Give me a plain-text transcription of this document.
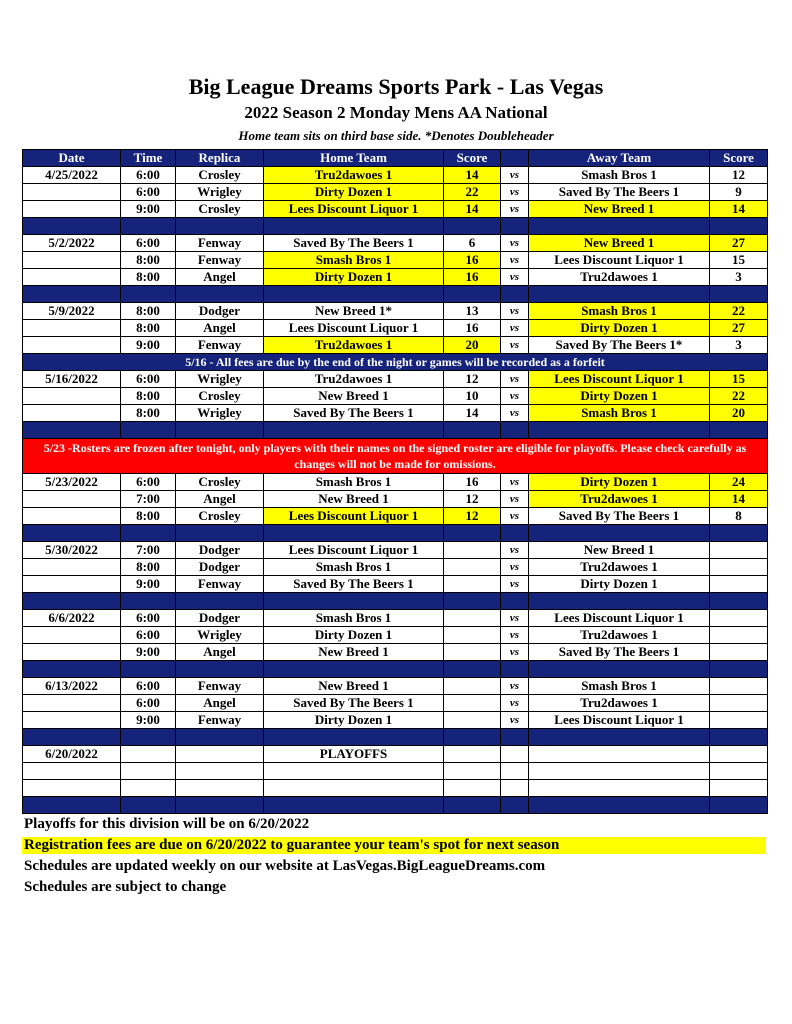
Big League Dreams Sports Park - Las Vegas
2022 Season 2 Monday Mens AA National
Home team sits on third base side. *Denotes Doubleheader
Date	Time	Replica	Home Team	Score		Away Team	Score
4/25/2022	6:00	Crosley	Tru2dawoes 1	14	vs	Smash Bros 1	12
	6:00	Wrigley	Dirty Dozen 1	22	vs	Saved By The Beers 1	9
	9:00	Crosley	Lees Discount Liquor 1	14	vs	New Breed 1	14

5/2/2022	6:00	Fenway	Saved By The Beers 1	6	vs	New Breed 1	27
	8:00	Fenway	Smash Bros 1	16	vs	Lees Discount Liquor 1	15
	8:00	Angel	Dirty Dozen 1	16	vs	Tru2dawoes 1	3

5/9/2022	8:00	Dodger	New Breed 1*	13	vs	Smash Bros 1	22
	8:00	Angel	Lees Discount Liquor 1	16	vs	Dirty Dozen 1	27
	9:00	Fenway	Tru2dawoes 1	20	vs	Saved By The Beers 1*	3
5/16 - All fees are due by the end of the night or games will be recorded as a forfeit							
5/16/2022	6:00	Wrigley	Tru2dawoes 1	12	vs	Lees Discount Liquor 1	15
	8:00	Crosley	New Breed 1	10	vs	Dirty Dozen 1	22
	8:00	Wrigley	Saved By The Beers 1	14	vs	Smash Bros 1	20

5/23 -Rosters are frozen after tonight, only players with their names on the signed roster are eligible for playoffs. Please check carefully as changes will not be made for omissions.							
5/23/2022	6:00	Crosley	Smash Bros 1	16	vs	Dirty Dozen 1	24
	7:00	Angel	New Breed 1	12	vs	Tru2dawoes 1	14
	8:00	Crosley	Lees Discount Liquor 1	12	vs	Saved By The Beers 1	8

5/30/2022	7:00	Dodger	Lees Discount Liquor 1		vs	New Breed 1	
	8:00	Dodger	Smash Bros 1		vs	Tru2dawoes 1	
	9:00	Fenway	Saved By The Beers 1		vs	Dirty Dozen 1	

6/6/2022	6:00	Dodger	Smash Bros 1		vs	Lees Discount Liquor 1	
	6:00	Wrigley	Dirty Dozen 1		vs	Tru2dawoes 1	
	9:00	Angel	New Breed 1		vs	Saved By The Beers 1	

6/13/2022	6:00	Fenway	New Breed 1		vs	Smash Bros 1	
	6:00	Angel	Saved By The Beers 1		vs	Tru2dawoes 1	
	9:00	Fenway	Dirty Dozen 1		vs	Lees Discount Liquor 1	

6/20/2022			PLAYOFFS				

Playoffs for this division will be on 6/20/2022
Registration fees are due on 6/20/2022 to guarantee your team's spot for next season
Schedules are updated weekly on our website at LasVegas.BigLeagueDreams.com
Schedules are subject to change
